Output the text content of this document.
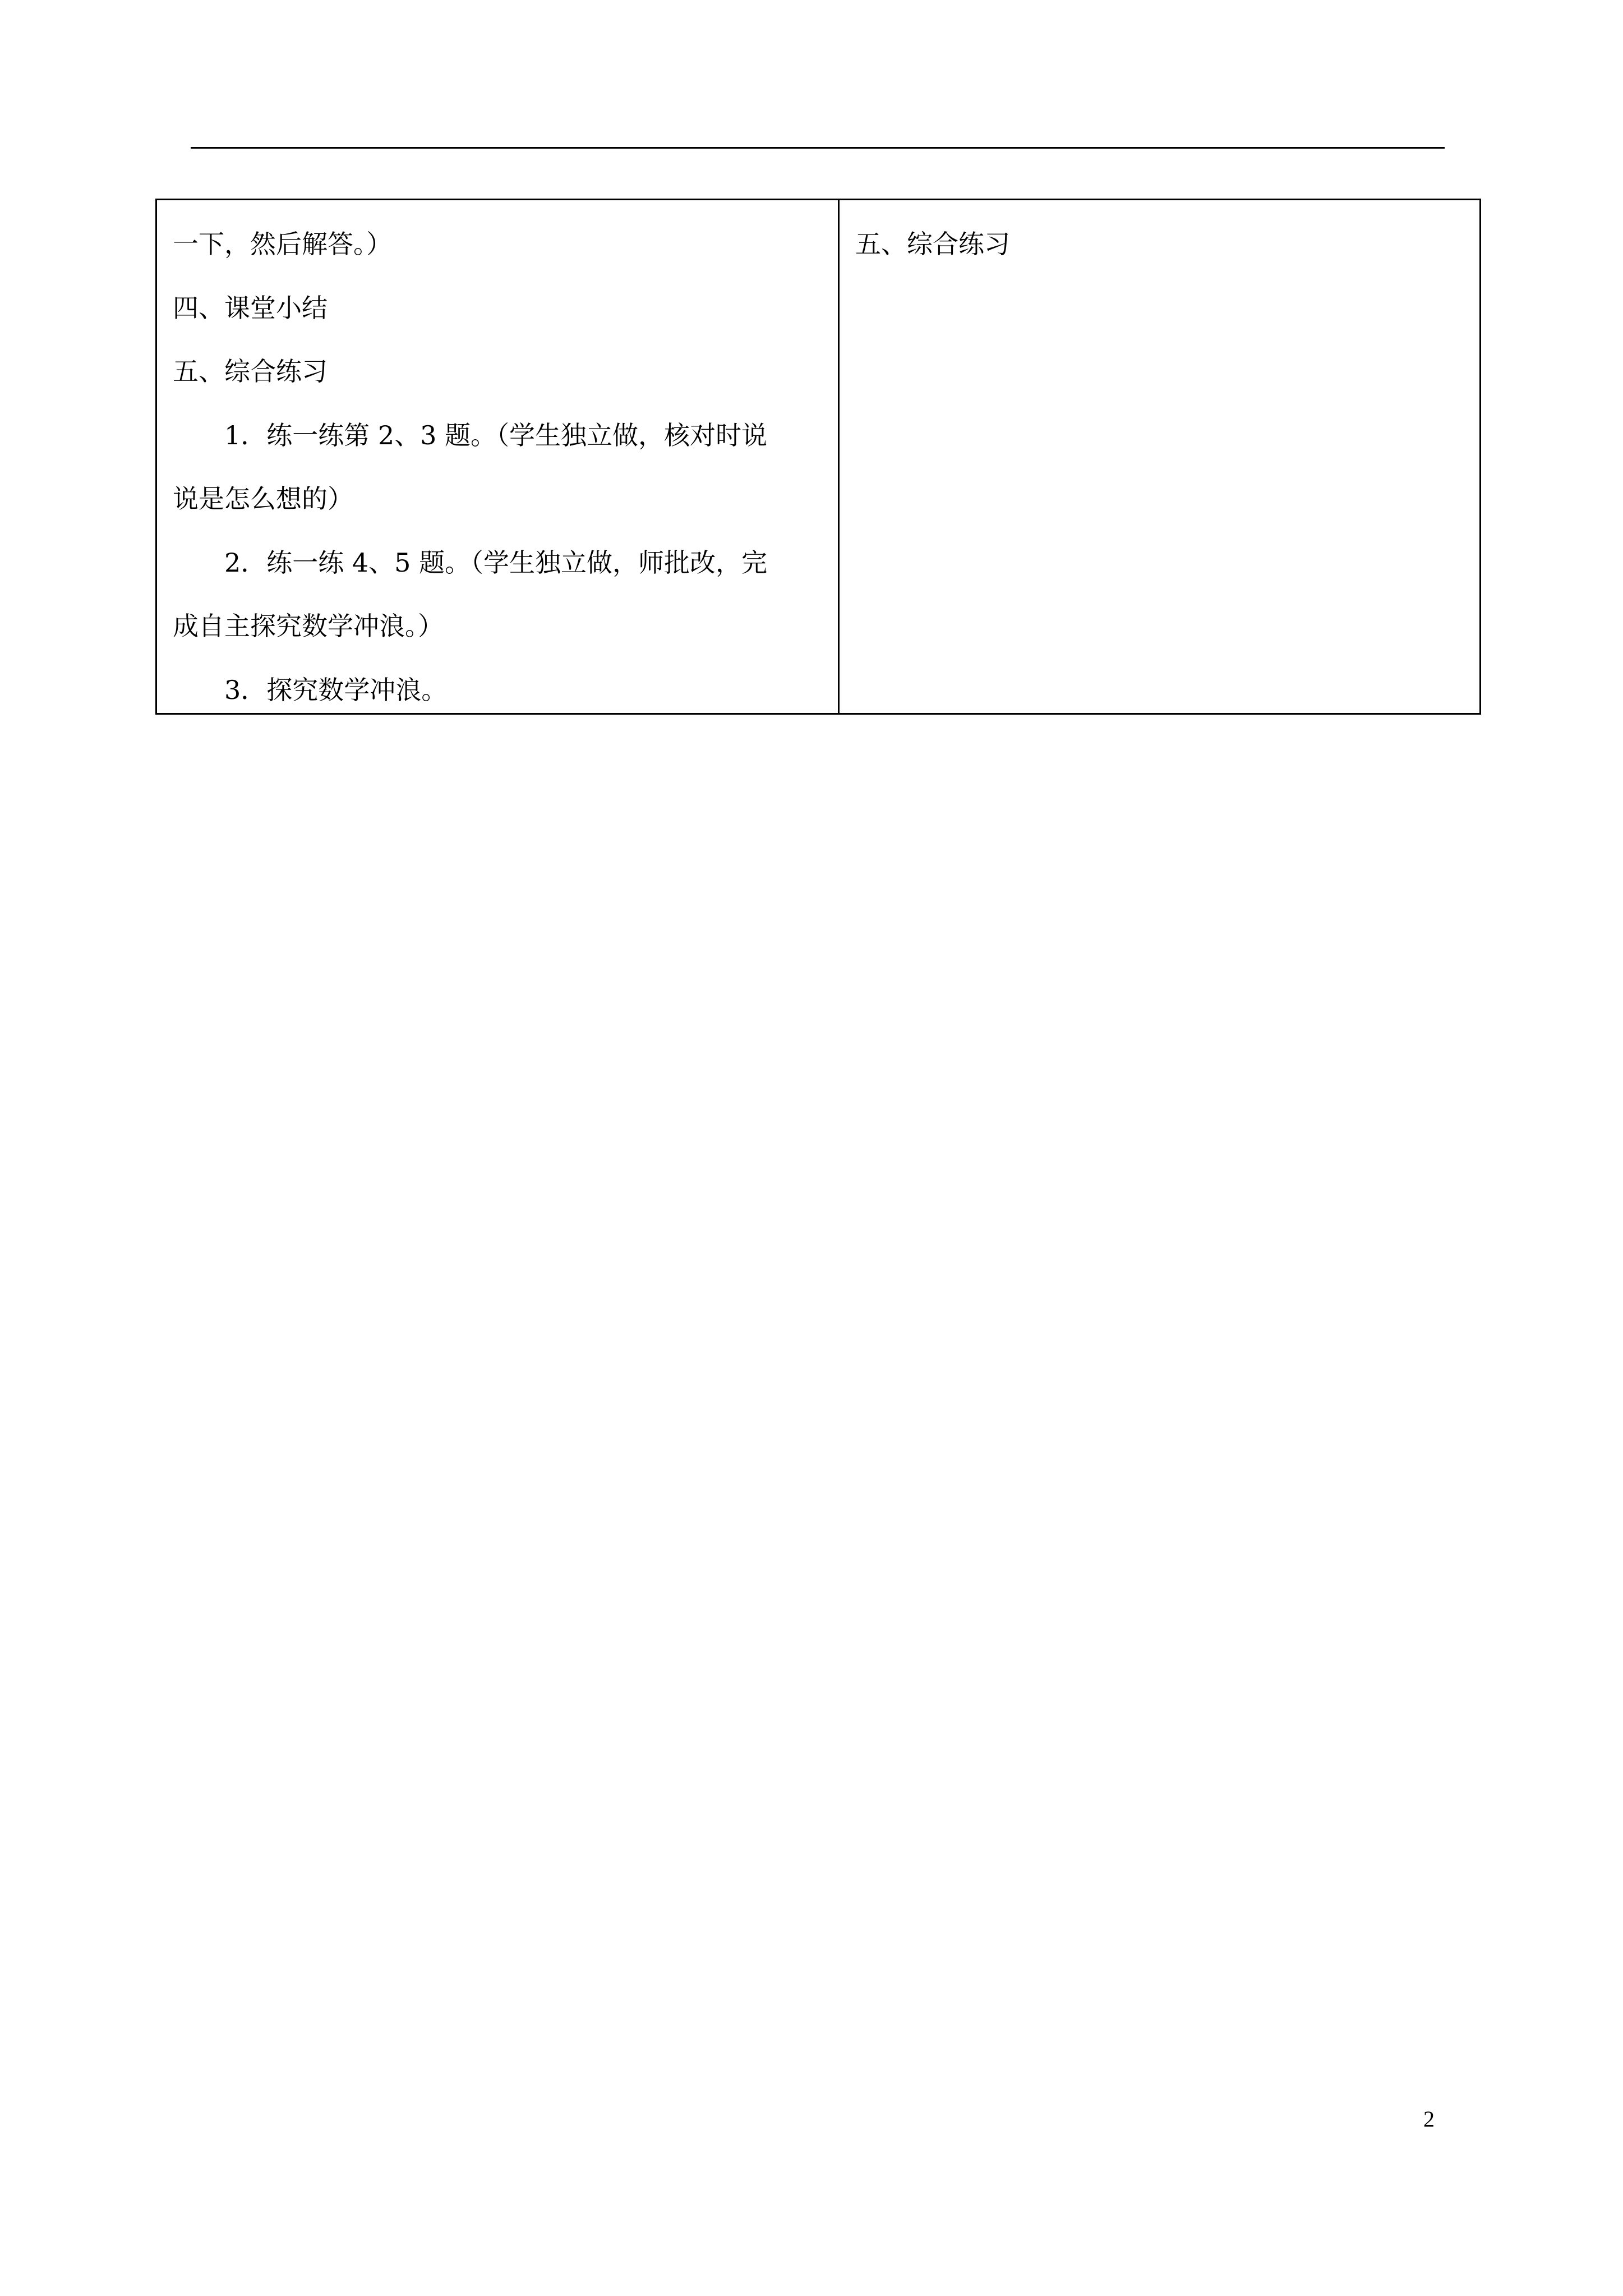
一下，然后解答。）
四、课堂小结
五、综合练习
1．练一练第 2、3 题。（学生独立做，核对时说
说是怎么想的）
2．练一练 4、5 题。（学生独立做，师批改，完
成自主探究数学冲浪。）
3．探究数学冲浪。
五、综合练习
2
